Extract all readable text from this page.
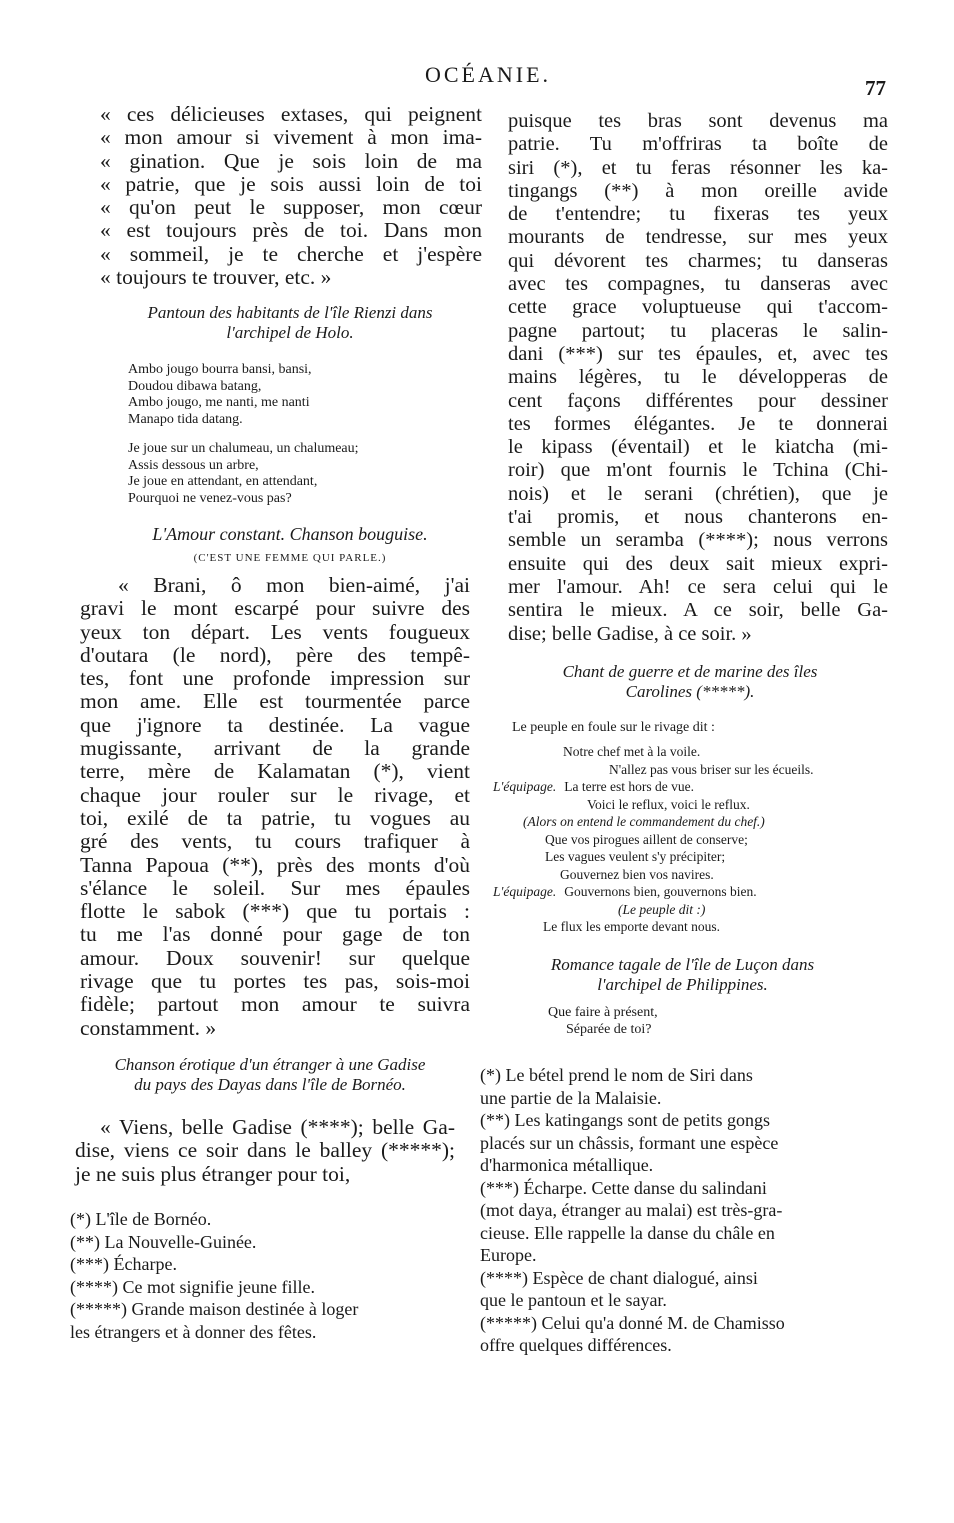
OCÉANIE.
77
« ces délicieuses extases, qui peignent
« mon amour si vivement à mon ima-
« gination. Que je sois loin de ma
« patrie, que je sois aussi loin de toi
« qu'on peut le supposer, mon cœur
« est toujours près de toi. Dans mon
« sommeil, je te cherche et j'espère
« toujours te trouver, etc. »
Pantoun des habitants de l'île Rienzi dans
l'archipel de Holo.
Ambo jougo bourra bansi, bansi,
Doudou dibawa batang,
Ambo jougo, me nanti, me nanti
Manapo tida datang.
Je joue sur un chalumeau, un chalumeau;
Assis dessous un arbre,
Je joue en attendant, en attendant,
Pourquoi ne venez-vous pas?
L'Amour constant. Chanson bouguise.
(C'EST UNE FEMME QUI PARLE.)
« Brani, ô mon bien-aimé, j'ai
gravi le mont escarpé pour suivre des
yeux ton départ. Les vents fougueux
d'outara (le nord), père des tempê-
tes, font une profonde impression sur
mon ame. Elle est tourmentée parce
que j'ignore ta destinée. La vague
mugissante, arrivant de la grande
terre, mère de Kalamatan (*), vient
chaque jour rouler sur le rivage, et
toi, exilé de ta patrie, tu vogues au
gré des vents, tu cours trafiquer à
Tanna Papoua (**), près des monts d'où
s'élance le soleil. Sur mes épaules
flotte le sabok (***) que tu portais :
tu me l'as donné pour gage de ton
amour. Doux souvenir! sur quelque
rivage que tu portes tes pas, sois-moi
fidèle; partout mon amour te suivra
constamment. »
Chanson érotique d'un étranger à une Gadise
du pays des Dayas dans l'île de Bornéo.
« Viens, belle Gadise (****); belle Ga-
dise, viens ce soir dans le balley (*****);
je ne suis plus étranger pour toi,
(*) L'île de Bornéo.
(**) La Nouvelle-Guinée.
(***) Écharpe.
(****) Ce mot signifie jeune fille.
(*****) Grande maison destinée à loger
les étrangers et à donner des fêtes.
puisque tes bras sont devenus ma
patrie. Tu m'offriras ta boîte de
siri (*), et tu feras résonner les ka-
tingangs (**) à mon oreille avide
de t'entendre; tu fixeras tes yeux
mourants de tendresse, sur mes yeux
qui dévorent tes charmes; tu danseras
avec tes compagnes, tu danseras avec
cette grace voluptueuse qui t'accom-
pagne partout; tu placeras le salin-
dani (***) sur tes épaules, et, avec tes
mains légères, tu le développeras de
cent façons différentes pour dessiner
tes formes élégantes. Je te donnerai
le kipass (éventail) et le kiatcha (mi-
roir) que m'ont fournis le Tchina (Chi-
nois) et le serani (chrétien), que je
t'ai promis, et nous chanterons en-
semble un seramba (****); nous verrons
ensuite qui des deux sait mieux expri-
mer l'amour. Ah! ce sera celui qui le
sentira le mieux. A ce soir, belle Ga-
dise; belle Gadise, à ce soir. »
Chant de guerre et de marine des îles
Carolines (*****).
Le peuple en foule sur le rivage dit :
Notre chef met à la voile.
N'allez pas vous briser sur les écueils.
L'équipage. La terre est hors de vue.
Voici le reflux, voici le reflux.
(Alors on entend le commandement du chef.)
Que vos pirogues aillent de conserve;
Les vagues veulent s'y précipiter;
Gouvernez bien vos navires.
L'équipage. Gouvernons bien, gouvernons bien.
(Le peuple dit :)
Le flux les emporte devant nous.
Romance tagale de l'île de Luçon dans
l'archipel de Philippines.
Que faire à présent,
Séparée de toi?
(*) Le bétel prend le nom de Siri dans
une partie de la Malaisie.
(**) Les katingangs sont de petits gongs
placés sur un châssis, formant une espèce
d'harmonica métallique.
(***) Écharpe. Cette danse du salindani
(mot daya, étranger au malai) est très-gra-
cieuse. Elle rappelle la danse du châle en
Europe.
(****) Espèce de chant dialogué, ainsi
que le pantoun et le sayar.
(*****) Celui qu'a donné M. de Chamisso
offre quelques différences.
